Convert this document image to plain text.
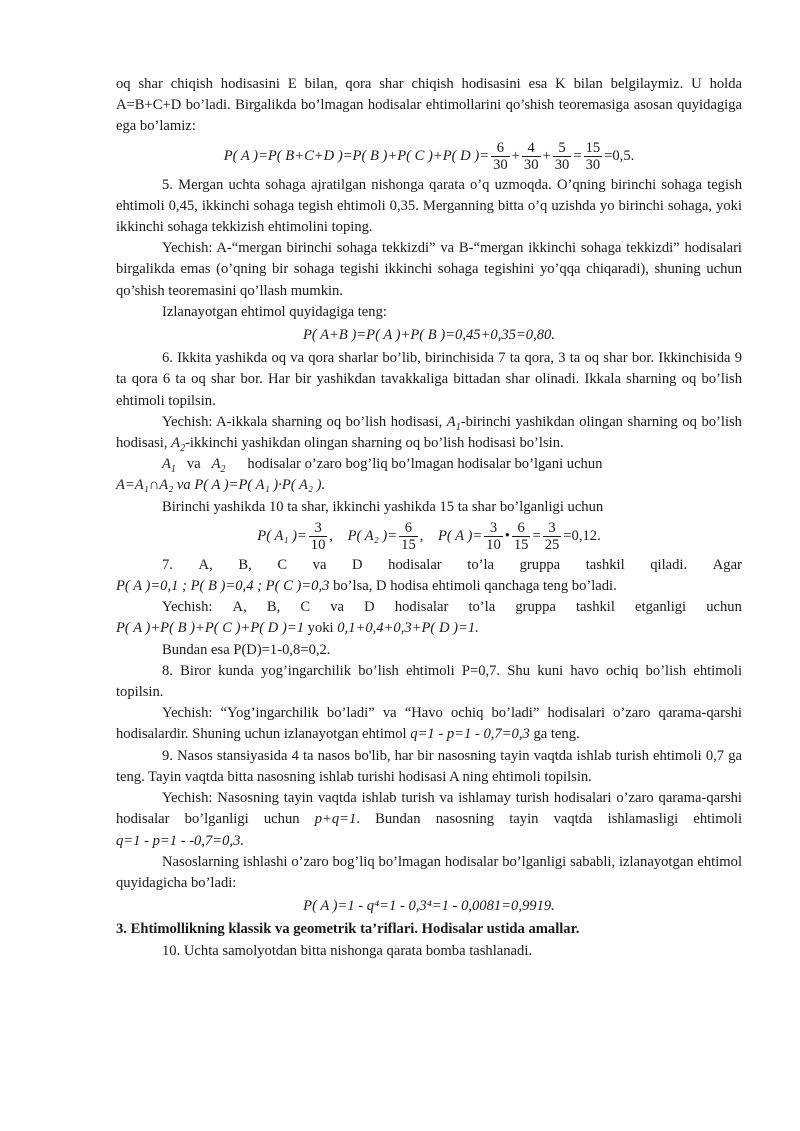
oq shar chiqish hodisasini E bilan, qora shar chiqish hodisasini esa K bilan belgilaymiz. U holda A=B+C+D bo’ladi. Birgalikda bo’lmagan hodisalar ehtimollarini qo’shish teoremasiga asosan quyidagiga ega bo’lamiz:

P( A )=P( B+C+D )=P( B )+P( C )+P( D )= $\frac{6}{30} + \frac{4}{30} + \frac{5}{30} = \frac{15}{30} =0,5$.

5. Mergan uchta sohaga ajratilgan nishonga qarata o’q uzmoqda. O’qning birinchi sohaga tegish ehtimoli 0,45, ikkinchi sohaga tegish ehtimoli 0,35. Merganning bitta o’q uzishda yo birinchi sohaga, yoki ikkinchi sohaga tekkizish ehtimolini toping.

Yechish: A-“mergan birinchi sohaga tekkizdi” va B-“mergan ikkinchi sohaga tekkizdi” hodisalari birgalikda emas (o’qning bir sohaga tegishi ikkinchi sohaga tegishini yo’qqa chiqaradi), shuning uchun qo’shish teoremasini qo’llash mumkin.

Izlanayotgan ehtimol quyidagiga teng:

P( A+B )=P( A )+P( B )=0,45+0,35=0,80.

6. Ikkita yashikda oq va qora sharlar bo’lib, birinchisida 7 ta qora, 3 ta oq shar bor. Ikkinchisida 9 ta qora 6 ta oq shar bor. Har bir yashikdan tavakkaliga bittadan shar olinadi. Ikkala sharning oq bo’lish ehtimoli topilsin.

Yechish: A-ikkala sharning oq bo’lish hodisasi, $A_1$-birinchi yashikdan olingan sharning oq bo’lish hodisasi, $A_2$-ikkinchi yashikdan olingan sharning oq bo’lish hodisasi bo’lsin.

$A_1$ va $A_2$ hodisalar o’zaro bog’liq bo’lmagan hodisalar bo’lgani uchun

A=A₁∩A₂ va P( A )=P( A₁ )·P( A₂ ).

Birinchi yashikda 10 ta shar, ikkinchi yashikda 15 ta shar bo’lganligi uchun

P( A₁ )= $\frac{3}{10}$ ,    P( A₂ )= $\frac{6}{15}$ ,    P( A )= $\frac{3}{10}$ • $\frac{6}{15} = \frac{3}{25} =0,12$.
7. A, B, C va D hodisalar to’la gruppa tashkil qiladi. Agar

P( A )=0,1 ; P( B )=0,4 ; P( C )=0,3 bo’lsa, D hodisa ehtimoli qanchaga teng bo’ladi.

Yechish: A, B, C va D hodisalar to’la gruppa tashkil etganligi uchun

P( A )+P( B )+P( C )+P( D )=1 yoki 0,1+0,4+0,3+P( D )=1.

Bundan esa P(D)=1-0,8=0,2.

8. Biror kunda yog’ingarchilik bo’lish ehtimoli P=0,7. Shu kuni havo ochiq bo’lish ehtimoli topilsin.

Yechish: “Yog’ingarchilik bo’ladi” va “Havo ochiq bo’ladi” hodisalari o’zaro qarama-qarshi hodisalardir. Shuning uchun izlanayotgan ehtimol q=1 - p=1 - 0,7=0,3 ga teng.

9. Nasos stansiyasida 4 ta nasos bo'lib, har bir nasosning tayin vaqtda ishlab turish ehtimoli 0,7 ga teng. Tayin vaqtda bitta nasosning ishlab turishi hodisasi A ning ehtimoli topilsin.

Yechish: Nasosning tayin vaqtda ishlab turish va ishlamay turish hodisalari o’zaro qarama-qarshi hodisalar bo’lganligi uchun p+q=1. Bundan nasosning tayin vaqtda ishlamasligi ehtimoli q=1 - p=1 - -0,7=0,3.

Nasoslarning ishlashi o’zaro bog’liq bo’lmagan hodisalar bo’lganligi sababli, izlanayotgan ehtimol quyidagicha bo’ladi:

P( A )=1 - q⁴=1 - 0,3⁴=1 - 0,0081=0,9919.
3. Ehtimollikning klassik va geometrik ta’riflari. Hodisalar ustida amallar.

10. Uchta samolyotdan bitta nishonga qarata bomba tashlanadi.
